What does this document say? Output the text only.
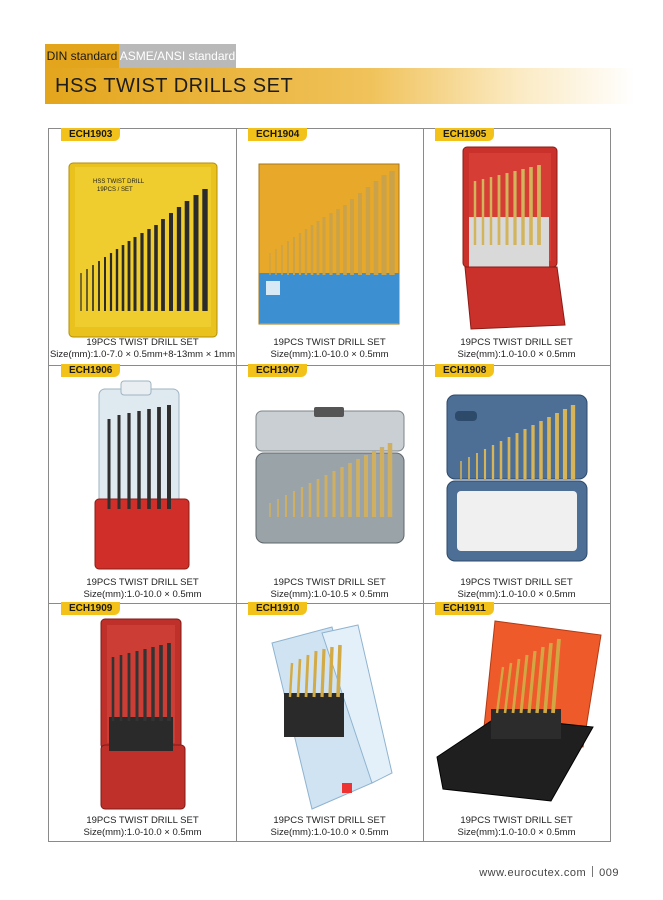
DIN standard ASME/ANSI standard
HSS TWIST DRILLS SET
ECH1903
HSS TWIST DRILL
19PCS / SET
19PCS TWIST DRILL SET
Size(mm):1.0-7.0 × 0.5mm+8-13mm × 1mm
ECH1904
19PCS TWIST DRILL SET
Size(mm):1.0-10.0 × 0.5mm
ECH1905
19PCS TWIST DRILL SET
Size(mm):1.0-10.0 × 0.5mm
ECH1906
19PCS TWIST DRILL SET
Size(mm):1.0-10.0 × 0.5mm
ECH1907
19PCS TWIST DRILL SET
Size(mm):1.0-10.5 × 0.5mm
ECH1908
19PCS TWIST DRILL SET
Size(mm):1.0-10.0 × 0.5mm
ECH1909
19PCS TWIST DRILL SET
Size(mm):1.0-10.0 × 0.5mm
ECH1910
19PCS TWIST DRILL SET
Size(mm):1.0-10.0 × 0.5mm
ECH1911
19PCS TWIST DRILL SET
Size(mm):1.0-10.0 × 0.5mm
www.eurocutex.com 009
